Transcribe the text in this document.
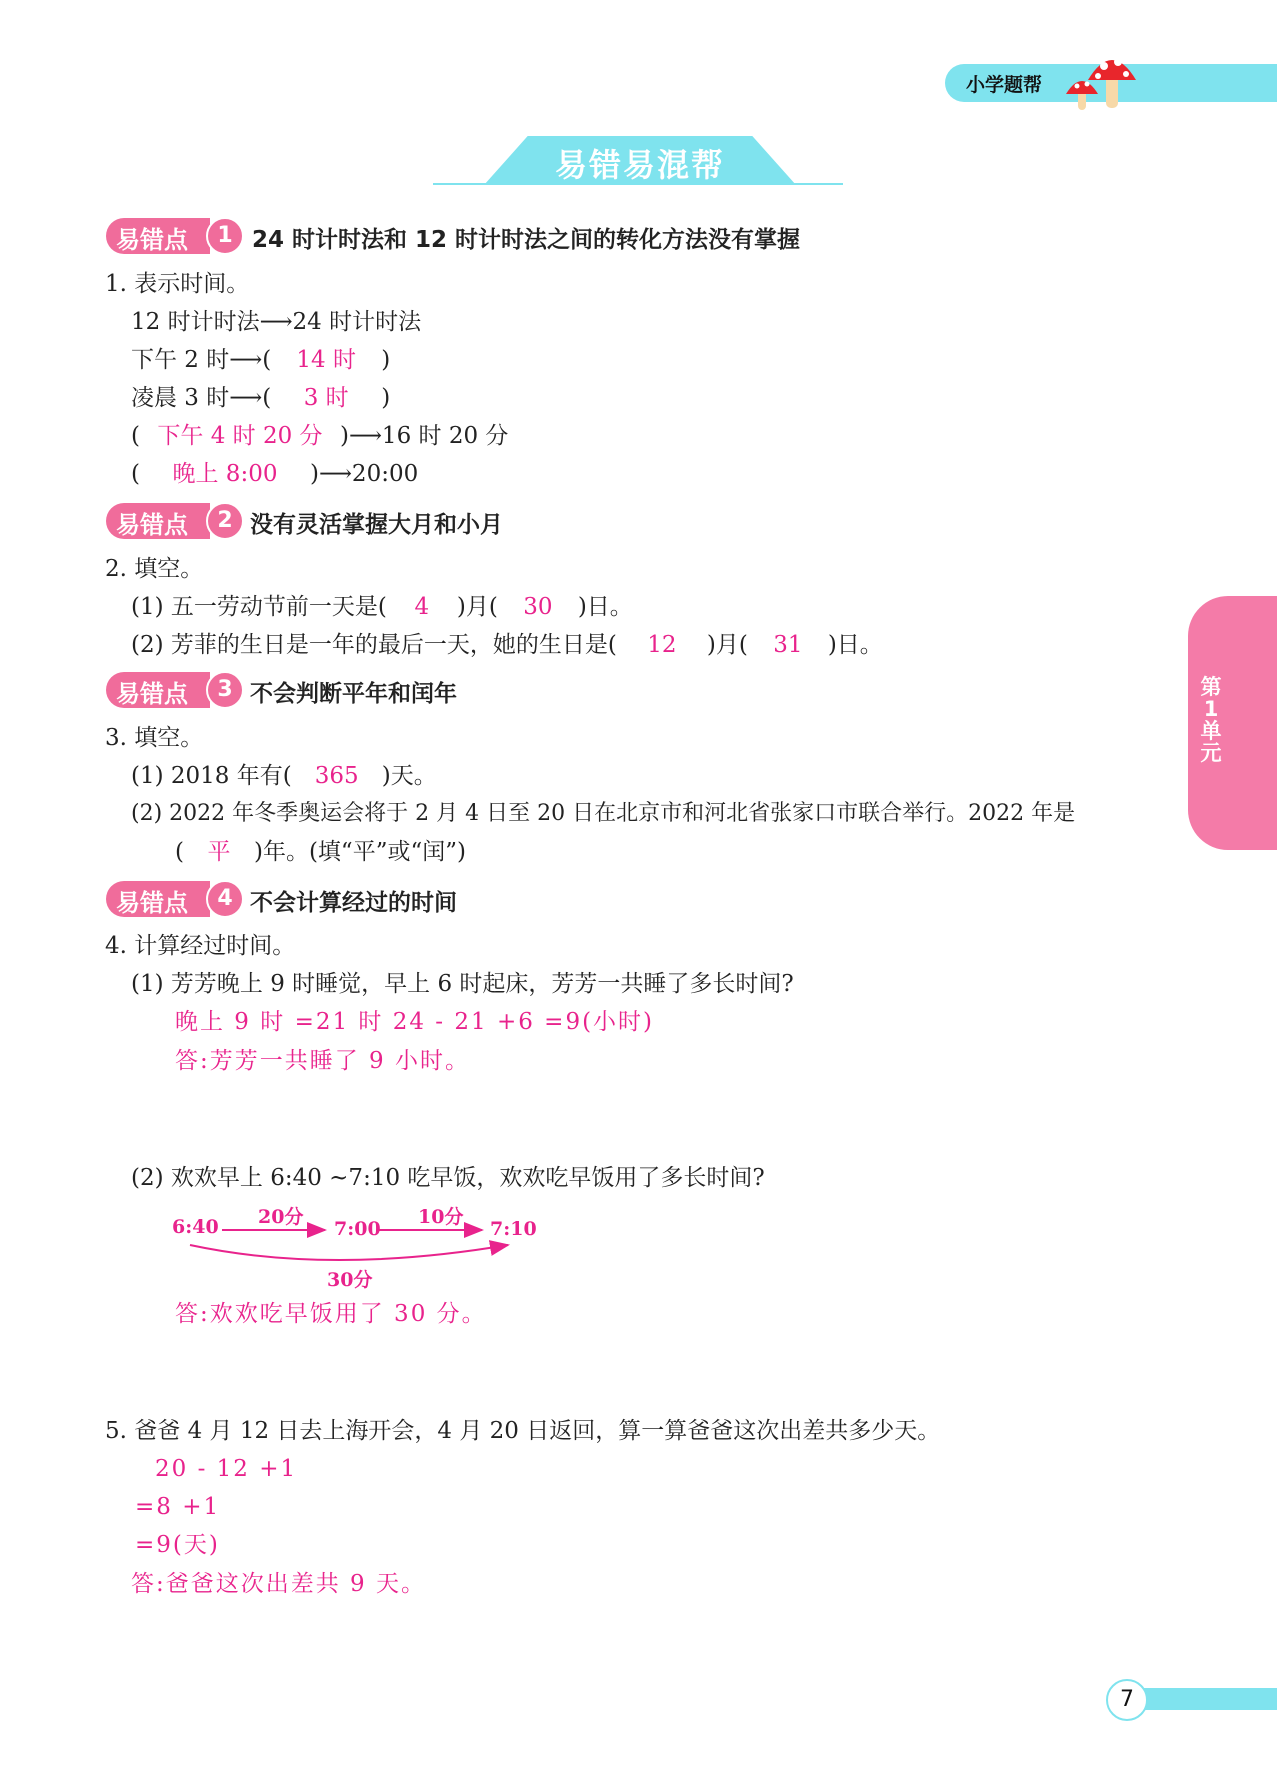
小学题帮
易错易混帮
易错点	1 24 时计时法和 12 时计时法之间的转化方法没有掌握
1. 表示时间。
12 时计时法⟶24 时计时法
下午 2 时⟶( 14 时 )
凌晨 3 时⟶( 3 时 )
( 下午 4 时 20 分 )⟶16 时 20 分
( 晚上 8:00 )⟶20:00
易错点	2 没有灵活掌握大月和小月
2. 填空。
(1) 五一劳动节前一天是( 4 )月( 30 )日。
(2) 芳菲的生日是一年的最后一天，她的生日是( 12 )月( 31 )日。
易错点	3 不会判断平年和闰年
3. 填空。
(1) 2018 年有( 365 )天。
(2) 2022 年冬季奥运会将于 2 月 4 日至 20 日在北京市和河北省张家口市联合举行。2022 年是
( 平 )年。(填“平”或“闰”)
易错点	4 不会计算经过的时间
4. 计算经过时间。
(1) 芳芳晚上 9 时睡觉，早上 6 时起床，芳芳一共睡了多长时间?
晚上 9 时 =21 时 24 - 21 +6 =9(小时)
答:芳芳一共睡了 9 小时。
(2) 欢欢早上 6:40 ~7:10 吃早饭，欢欢吃早饭用了多长时间?
6:40	7:00	7:10
20分	10分
30分
答:欢欢吃早饭用了 30 分。
5. 爸爸 4 月 12 日去上海开会，4 月 20 日返回，算一算爸爸这次出差共多少天。
20 - 12 +1
=8 +1
=9(天)
答:爸爸这次出差共 9 天。
第
1
单
元
7
